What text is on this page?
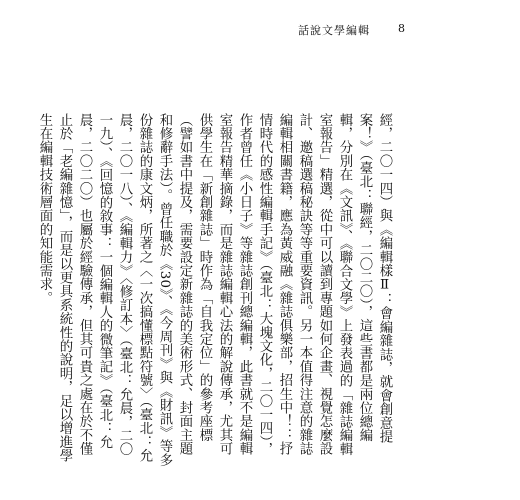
話說文學編輯	8

經，二〇一四）與《編輯樣Ⅱ：會編雜誌，就會創意提案！》（臺北：聯經，二〇二〇），這些書都是兩位總編輯，分別在《文訊》、《聯合文學》上發表過的「雜誌編輯室報告」精選，從中可以讀到專題如何企畫、視覺怎麼設計、邀稿選稿秘訣等等重要資訊。另一本值得注意的雜誌編輯相關書籍，應為黃威融《雜誌俱樂部，招生中！：抒情時代的感性編輯手記》（臺北：大塊文化，二〇一四），作者曾任《小日子》等雜誌創刊總編輯，此書就不是編輯室報告精華摘錄，而是雜誌編輯心法的解說傳承，尤其可供學生在「新創雜誌」時作為「自我定位」的參考座標（譬如書中提及，需要設定新雜誌的美術形式、封面主題和修辭手法）。曾任職於《30》、《今周刊》與《財訊》等多份雜誌的康文炳，所著之〈一次搞懂標點符號〉（臺北：允晨，二〇一八）、《編輯力》〈修訂本〉（臺北：允晨，二〇一九）、《回憶的敘事：一個編輯人的微筆記》（臺北：允晨，二〇二〇）也屬於經驗傳承，但其可貴之處在於不僅止於「老編雜憶」，而是以更具系統性的說明，足以增進學生在編輯技術層面的知能需求。
